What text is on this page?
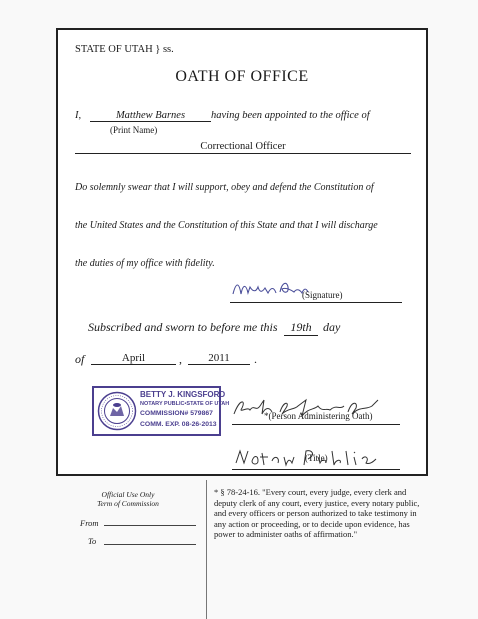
STATE OF UTAH } ss.
OATH OF OFFICE
I,	Matthew Barnes	having been appointed to the office of
(Print Name)
Correctional Officer
Do solemnly swear that I will support, obey and defend the Constitution of
the United States and the Constitution of this State and that I will discharge
the duties of my office with fidelity.
(Signature)
Subscribed and sworn to before me this	19th day
of	April	,	2011	.
BETTY J. KINGSFORD
NOTARY PUBLIC•STATE OF UTAH
COMMISSION# 579867
COMM. EXP. 08-26-2013
*(Person Administering Oath)
(Title)
Official Use Only
Term of Commission
From
To
* § 78-24-16. "Every court, every judge, every clerk and deputy clerk of any court, every justice, every notary public, and every officers or person authorized to take testimony in any action or proceeding, or to decide upon evidence, has power to administer oaths of affirmation."
